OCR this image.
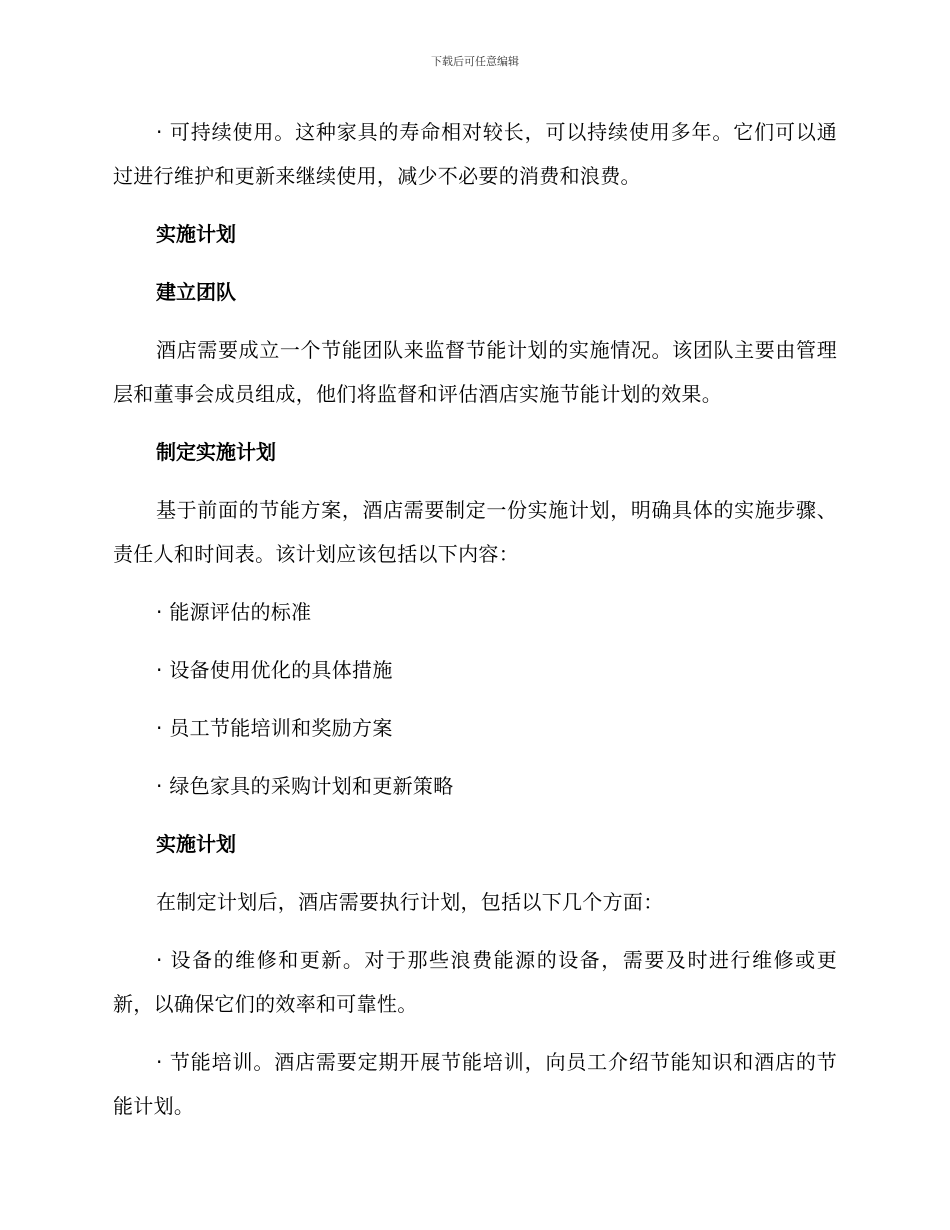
下载后可任意编辑

· 可持续使用。这种家具的寿命相对较长，可以持续使用多年。它们可以通过进行维护和更新来继续使用，减少不必要的消费和浪费。

实施计划

建立团队

酒店需要成立一个节能团队来监督节能计划的实施情况。该团队主要由管理层和董事会成员组成，他们将监督和评估酒店实施节能计划的效果。

制定实施计划

基于前面的节能方案，酒店需要制定一份实施计划，明确具体的实施步骤、责任人和时间表。该计划应该包括以下内容：

· 能源评估的标准

· 设备使用优化的具体措施

· 员工节能培训和奖励方案

· 绿色家具的采购计划和更新策略

实施计划

在制定计划后，酒店需要执行计划，包括以下几个方面：

· 设备的维修和更新。对于那些浪费能源的设备，需要及时进行维修或更新，以确保它们的效率和可靠性。

· 节能培训。酒店需要定期开展节能培训，向员工介绍节能知识和酒店的节能计划。
